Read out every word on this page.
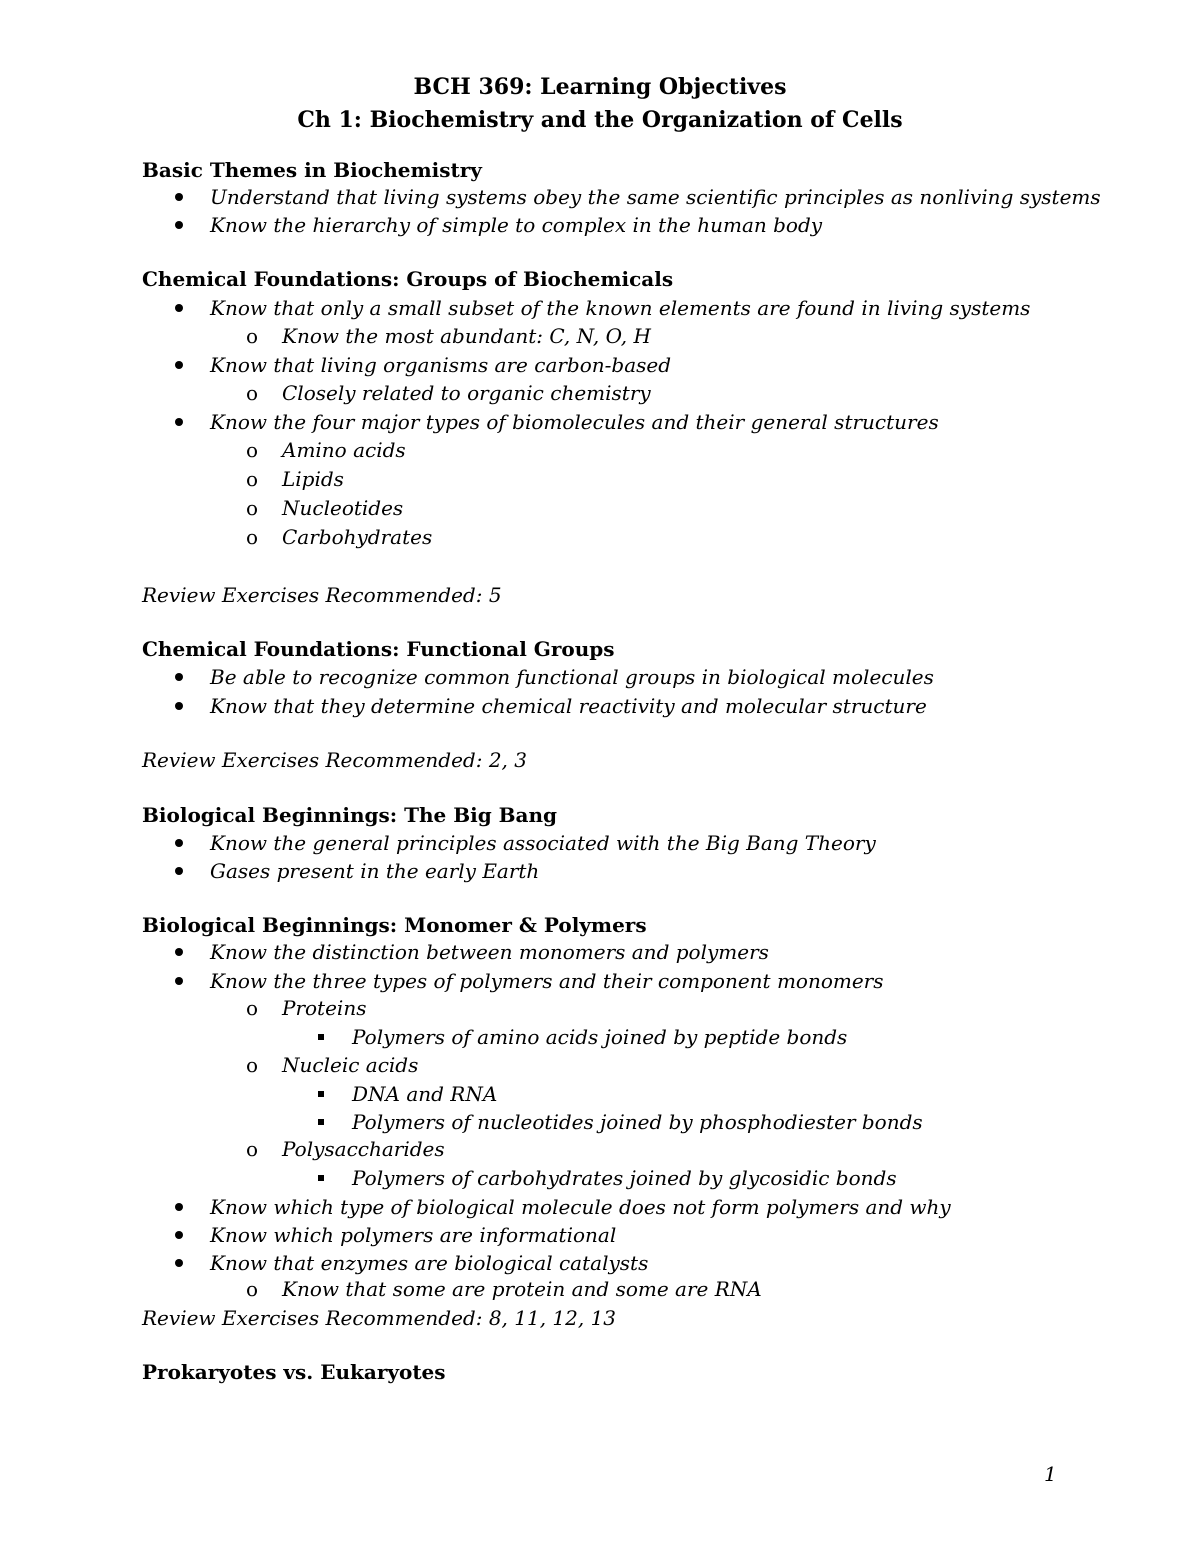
BCH 369: Learning Objectives
Ch 1: Biochemistry and the Organization of Cells
Basic Themes in Biochemistry
Understand that living systems obey the same scientific principles as nonliving systems
Know the hierarchy of simple to complex in the human body
Chemical Foundations: Groups of Biochemicals
Know that only a small subset of the known elements are found in living systems
o Know the most abundant: C, N, O, H
Know that living organisms are carbon-based
o Closely related to organic chemistry
Know the four major types of biomolecules and their general structures
o Amino acids
o Lipids
o Nucleotides
o Carbohydrates
Review Exercises Recommended: 5
Chemical Foundations: Functional Groups
Be able to recognize common functional groups in biological molecules
Know that they determine chemical reactivity and molecular structure
Review Exercises Recommended: 2, 3
Biological Beginnings: The Big Bang
Know the general principles associated with the Big Bang Theory
Gases present in the early Earth
Biological Beginnings: Monomer & Polymers
Know the distinction between monomers and polymers
Know the three types of polymers and their component monomers
o Proteins
Polymers of amino acids joined by peptide bonds
o Nucleic acids
DNA and RNA
Polymers of nucleotides joined by phosphodiester bonds
o Polysaccharides
Polymers of carbohydrates joined by glycosidic bonds
Know which type of biological molecule does not form polymers and why
Know which polymers are informational
Know that enzymes are biological catalysts
o Know that some are protein and some are RNA
Review Exercises Recommended: 8, 11, 12, 13
Prokaryotes vs. Eukaryotes
1
